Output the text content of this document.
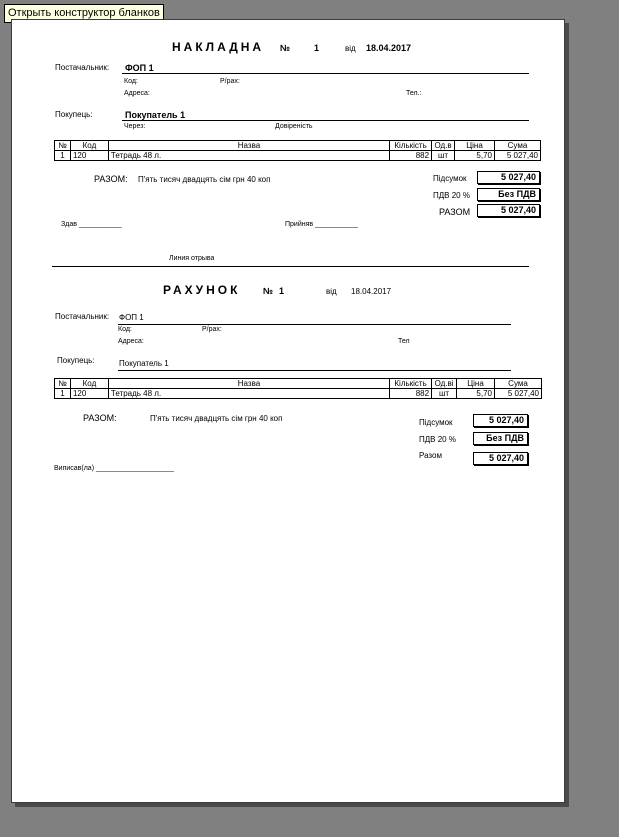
Открыть конструктор бланков
НАКЛАДНА №	1	від 18.04.2017
Постачальник: ФОП 1
Код:	Р/рах:
Адреса:	Тел.:
Покупець:	Покупатель 1
Через:	Довіреність
№	Код	Назва	Кількість	Од.в	Ціна	Сума
1	120	Тетрадь 48 л.	882	шт	5,70	5 027,40
РАЗОМ: П'ять тисяч двадцять сім грн 40 коп	Підсумок	5 027,40
ПДВ 20 %	Без ПДВ
РАЗОМ	5 027,40
Здав ___________	Прийняв ___________
Линия отрыва
РАХУНОК	№ 1	від 18.04.2017
Постачальник: ФОП 1
Код:	Р/рах:
Адреса:	Тел
Покупець:	Покупатель 1
№	Код	Назва	Кількість	Од.ві	Ціна	Сума
1	120	Тетрадь 48 л.	882	шт	5,70	5 027,40
РАЗОМ:	П'ять тисяч двадцять сім грн 40 коп	Підсумок	5 027,40
ПДВ 20 %	Без ПДВ
Разом	5 027,40
Виписав(ла) ____________________
